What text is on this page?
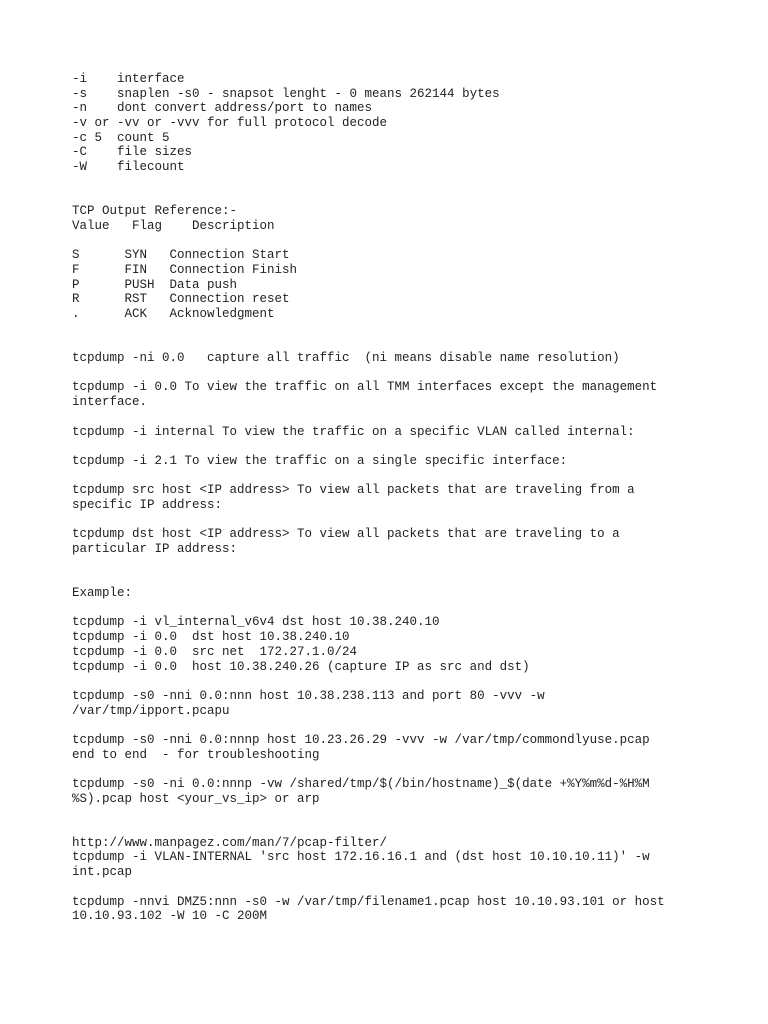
-i    interface
-s    snaplen -s0 - snapsot lenght - 0 means 262144 bytes
-n    dont convert address/port to names
-v or -vv or -vvv for full protocol decode
-c 5  count 5
-C    file sizes
-W    filecount
TCP Output Reference:-
Value   Flag    Description
S      SYN   Connection Start
F      FIN   Connection Finish
P      PUSH  Data push
R      RST   Connection reset
.      ACK   Acknowledgment
tcpdump -ni 0.0   capture all traffic  (ni means disable name resolution)
tcpdump -i 0.0 To view the traffic on all TMM interfaces except the management
interface.
tcpdump -i internal To view the traffic on a specific VLAN called internal:
tcpdump -i 2.1 To view the traffic on a single specific interface:
tcpdump src host <IP address> To view all packets that are traveling from a
specific IP address:
tcpdump dst host <IP address> To view all packets that are traveling to a
particular IP address:
Example:
tcpdump -i vl_internal_v6v4 dst host 10.38.240.10
tcpdump -i 0.0  dst host 10.38.240.10
tcpdump -i 0.0  src net  172.27.1.0/24
tcpdump -i 0.0  host 10.38.240.26 (capture IP as src and dst)
tcpdump -s0 -nni 0.0:nnn host 10.38.238.113 and port 80 -vvv -w
/var/tmp/ipport.pcapu
tcpdump -s0 -nni 0.0:nnnp host 10.23.26.29 -vvv -w /var/tmp/commondlyuse.pcap
end to end  - for troubleshooting
tcpdump -s0 -ni 0.0:nnnp -vw /shared/tmp/$(/bin/hostname)_$(date +%Y%m%d-%H%M
%S).pcap host <your_vs_ip> or arp
http://www.manpagez.com/man/7/pcap-filter/
tcpdump -i VLAN-INTERNAL 'src host 172.16.16.1 and (dst host 10.10.10.11)' -w
int.pcap
tcpdump -nnvi DMZ5:nnn -s0 -w /var/tmp/filename1.pcap host 10.10.93.101 or host
10.10.93.102 -W 10 -C 200M
